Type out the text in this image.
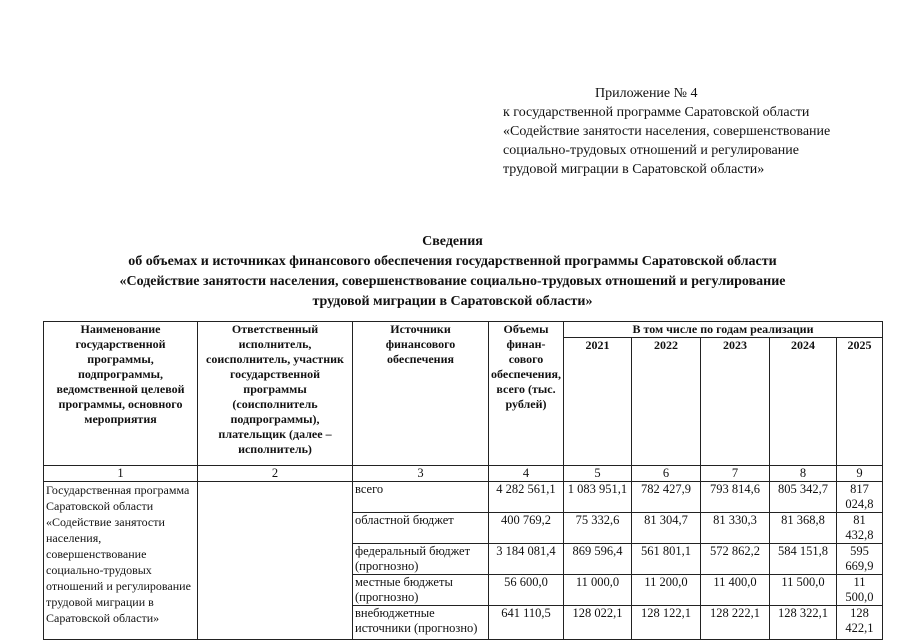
Приложение № 4
к государственной программе Саратовской области
«Содействие занятости населения, совершенствование
социально-трудовых отношений и регулирование
трудовой миграции в Саратовской области»
Сведения
об объемах и источниках финансового обеспечения государственной программы Саратовской области
«Содействие занятости населения, совершенствование социально-трудовых отношений и регулирование
трудовой миграции в Саратовской области»
Наименование государственной программы, подпрограммы, ведомственной целевой программы, основного мероприятия	Ответственный исполнитель, соисполнитель, участник государственной программы (соисполнитель подпрограммы), плательщик (далее – исполнитель)	Источники финансового обеспечения	Объемы финан-сового обеспечения, всего (тыс. рублей)	В том числе по годам реализации				
				2021	2022	2023	2024	2025
1	2	3	4	5	6	7	8	9
Государственная программа Саратовской области «Содействие занятости населения, совершенствование социально-трудовых отношений и регулирование трудовой миграции в Саратовской области»		всего	4 282 561,1	1 083 951,1	782 427,9	793 814,6	805 342,7	817 024,8
		областной бюджет	400 769,2	75 332,6	81 304,7	81 330,3	81 368,8	81 432,8
		федеральный бюджет (прогнозно)	3 184 081,4	869 596,4	561 801,1	572 862,2	584 151,8	595 669,9
		местные бюджеты (прогнозно)	56 600,0	11 000,0	11 200,0	11 400,0	11 500,0	11 500,0
		внебюджетные источники (прогнозно)	641 110,5	128 022,1	128 122,1	128 222,1	128 322,1	128 422,1
